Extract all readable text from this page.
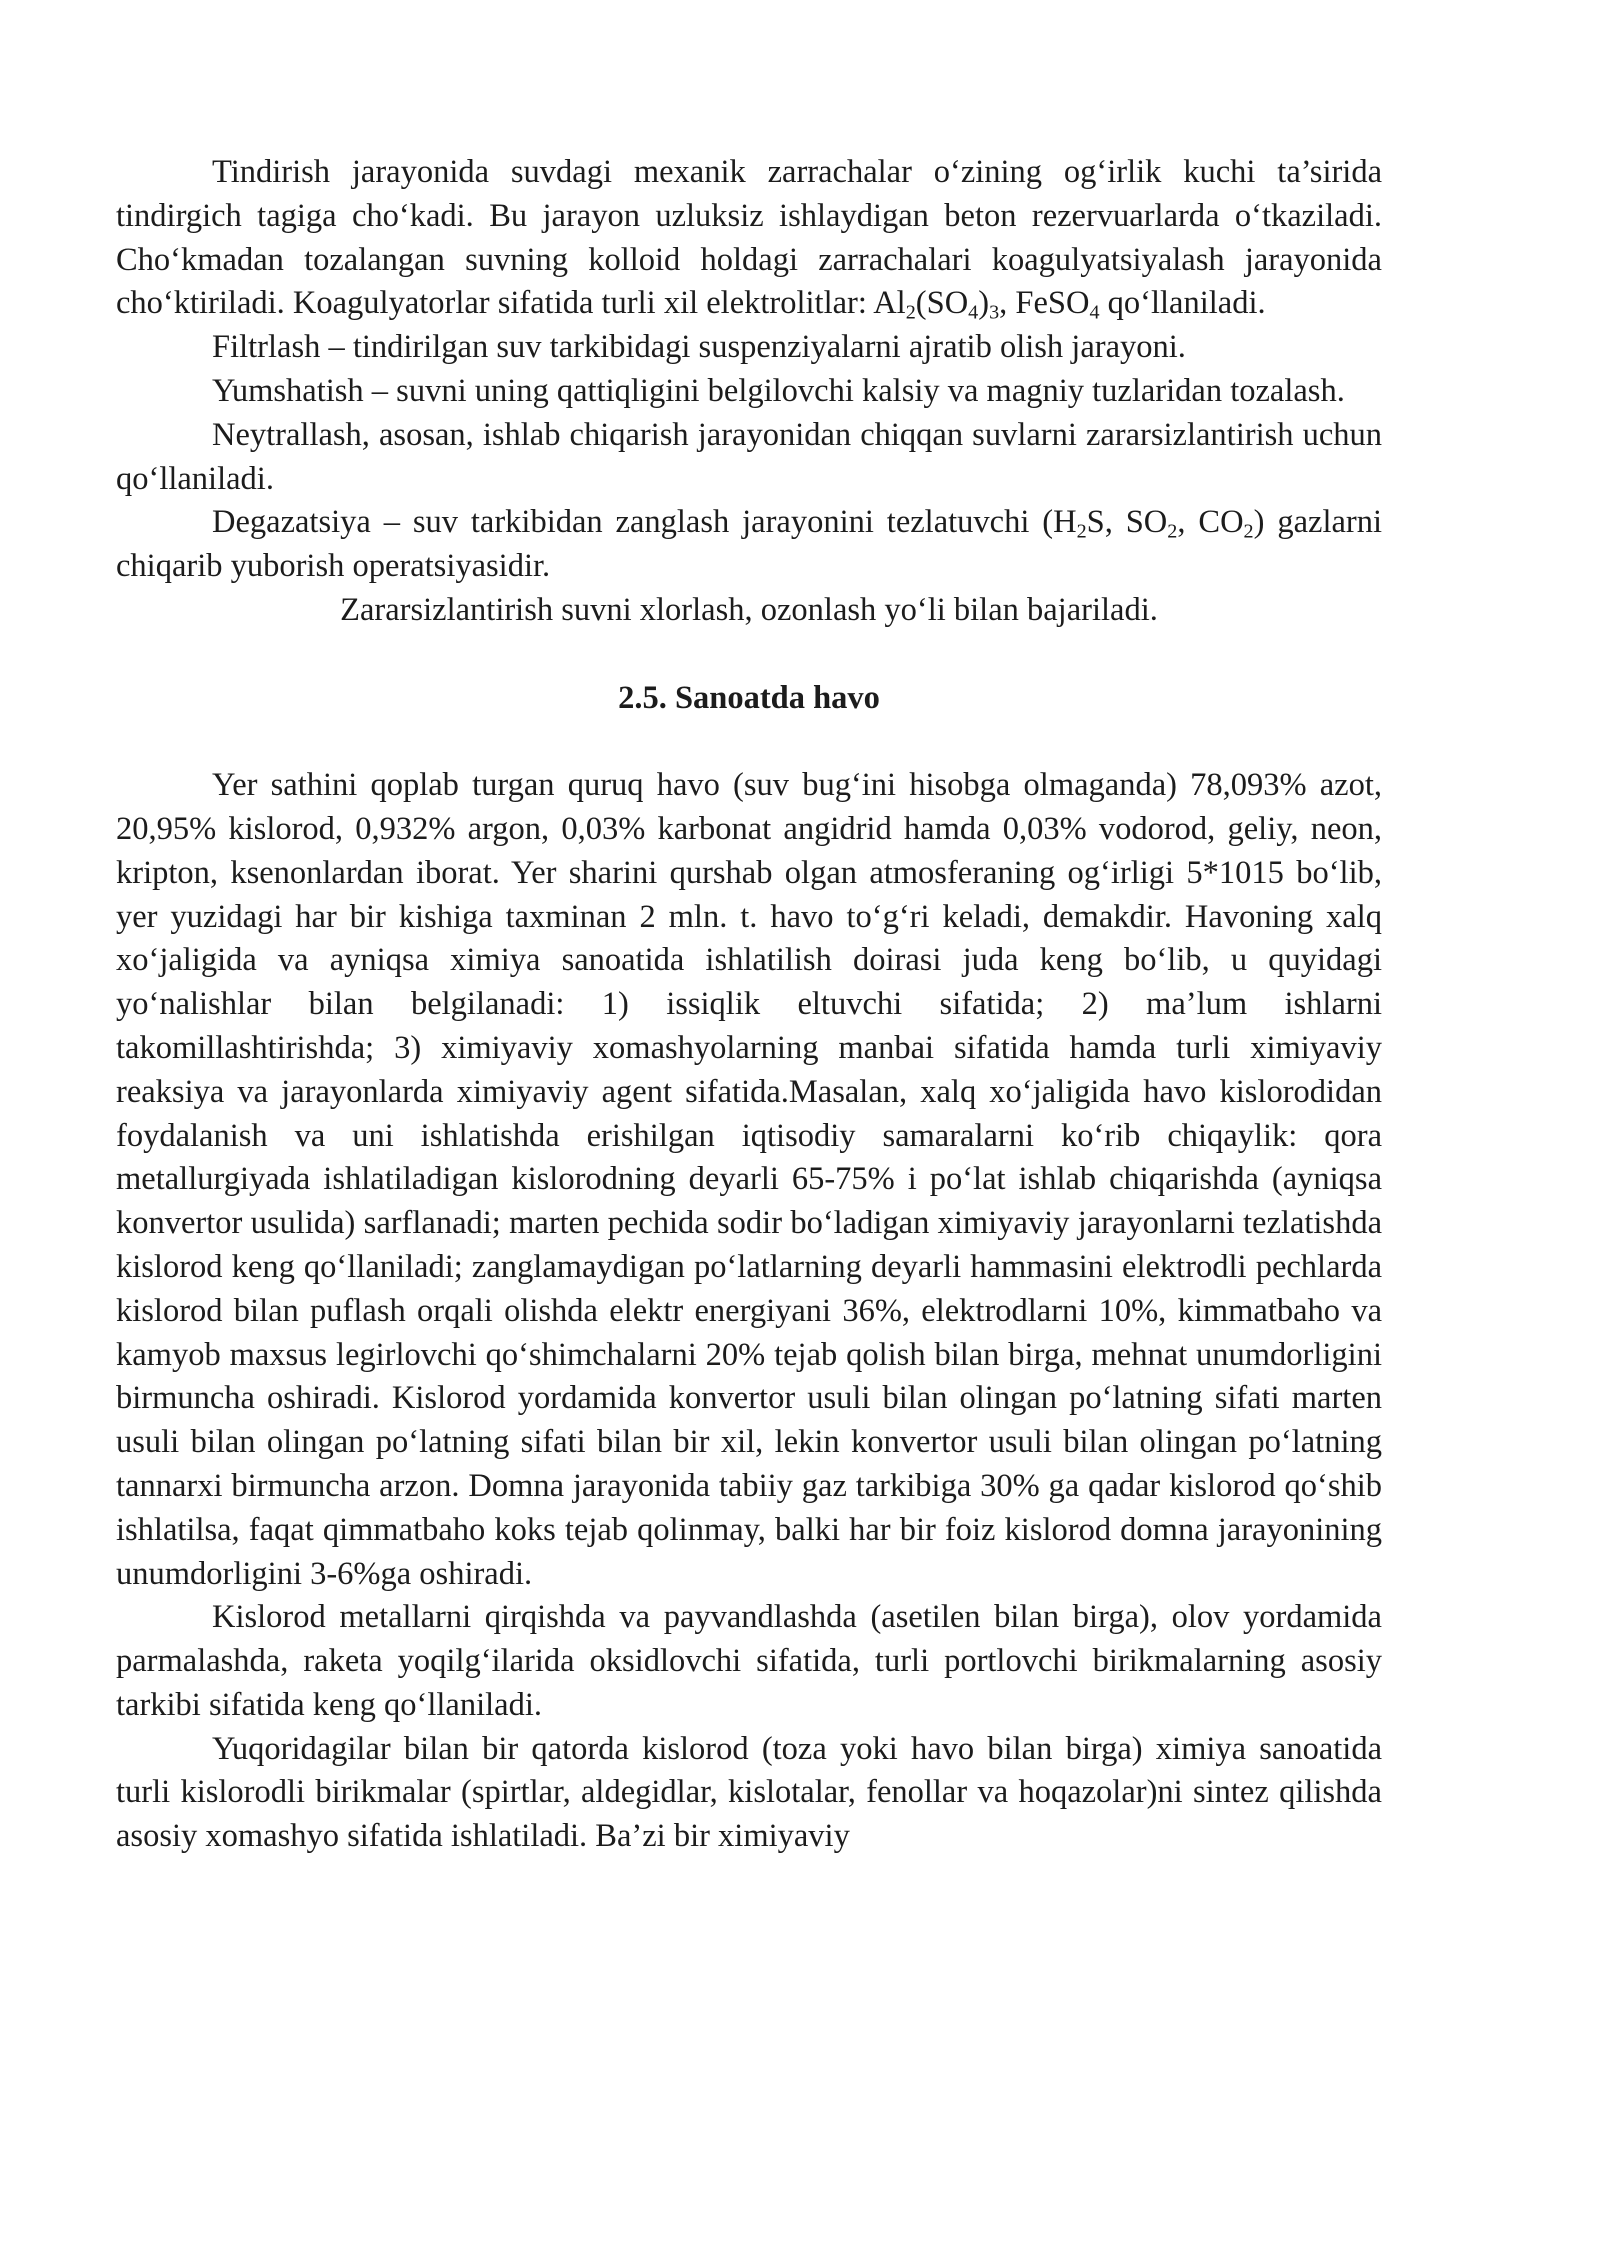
Tindirish jarayonida suvdagi mexanik zarrachalar o‘zining og‘irlik kuchi ta’sirida tindirgich tagiga cho‘kadi. Bu jarayon uzluksiz ishlaydigan beton rezervuarlarda o‘tkaziladi. Cho‘kmadan tozalangan suvning kolloid holdagi zarrachalari koagulyatsiyalash jarayonida cho‘ktiriladi. Koagulyatorlar sifatida turli xil elektrolitlar: $Al_2(SO_4)_3$, FeSO$_4$ qo‘llaniladi.

Filtrlash – tindirilgan suv tarkibidagi suspenziyalarni ajratib olish jarayoni.

Yumshatish – suvni uning qattiqligini belgilovchi kalsiy va magniy tuzlaridan tozalash.

Neytrallash, asosan, ishlab chiqarish jarayonidan chiqqan suvlarni zararsizlantirish uchun qo‘llaniladi.

Degazatsiya – suv tarkibidan zanglash jarayonini tezlatuvchi ($H_2S$, $SO_2$, $CO_2$) gazlarni chiqarib yuborish operatsiyasidir.

Zararsizlantirish suvni xlorlash, ozonlash yo‘li bilan bajariladi.

2.5. Sanoatda havo

Yer sathini qoplab turgan quruq havo (suv bug‘ini hisobga olmaganda) 78,093% azot, 20,95% kislorod, 0,932% argon, 0,03% karbonat angidrid hamda 0,03% vodorod, geliy, neon, kripton, ksenonlardan iborat. Yer sharini qurshab olgan atmosferaning og‘irligi 5*1015 bo‘lib, yer yuzidagi har bir kishiga taxminan 2 mln. t. havo to‘g‘ri keladi, demakdir. Havoning xalq xo‘jaligida va ayniqsa ximiya sanoatida ishlatilish doirasi juda keng bo‘lib, u quyidagi yo‘nalishlar bilan belgilanadi: 1) issiqlik eltuvchi sifatida; 2) ma’lum ishlarni takomillashtirishda; 3) ximiyaviy xomashyolarning manbai sifatida hamda turli ximiyaviy reaksiya va jarayonlarda ximiyaviy agent sifatida.Masalan, xalq xo‘jaligida havo kislorodidan foydalanish va uni ishlatishda erishilgan iqtisodiy samaralarni ko‘rib chiqaylik: qora metallurgiyada ishlatiladigan kislorodning deyarli 65-75% i po‘lat ishlab chiqarishda (ayniqsa konvertor usulida) sarflanadi; marten pechida sodir bo‘ladigan ximiyaviy jarayonlarni tezlatishda kislorod keng qo‘llaniladi; zanglamaydigan po‘latlarning deyarli hammasini elektrodli pechlarda kislorod bilan puflash orqali olishda elektr energiyani 36%, elektrodlarni 10%, kimmatbaho va kamyob maxsus legirlovchi qo‘shimchalarni 20% tejab qolish bilan birga, mehnat unumdorligini birmuncha oshiradi. Kislorod yordamida konvertor usuli bilan olingan po‘latning sifati marten usuli bilan olingan po‘latning sifati bilan bir xil, lekin konvertor usuli bilan olingan po‘latning tannarxi birmuncha arzon. Domna jarayonida tabiiy gaz tarkibiga 30% ga qadar kislorod qo‘shib ishlatilsa, faqat qimmatbaho koks tejab qolinmay, balki har bir foiz kislorod domna jarayonining unumdorligini 3-6%ga oshiradi.

Kislorod metallarni qirqishda va payvandlashda (asetilen bilan birga), olov yordamida parmalashda, raketa yoqilg‘ilarida oksidlovchi sifatida, turli portlovchi birikmalarning asosiy tarkibi sifatida keng qo‘llaniladi.

Yuqoridagilar bilan bir qatorda kislorod (toza yoki havo bilan birga) ximiya sanoatida turli kislorodli birikmalar (spirtlar, aldegidlar, kislotalar, fenollar va hoqazolar)ni sintez qilishda asosiy xomashyo sifatida ishlatiladi. Ba’zi bir ximiyaviy
